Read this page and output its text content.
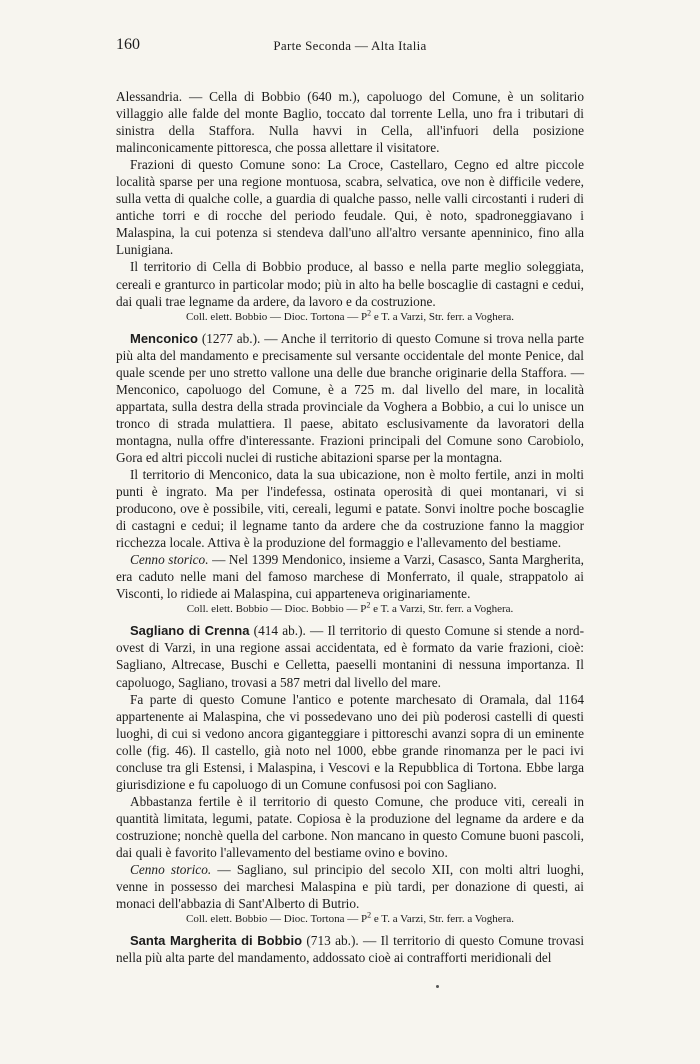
160	Parte Seconda — Alta Italia

Alessandria. — Cella di Bobbio (640 m.), capoluogo del Comune, è un solitario villaggio alle falde del monte Baglio, toccato dal torrente Lella, uno fra i tributari di sinistra della Staffora. Nulla havvi in Cella, all'infuori della posizione malinconicamente pittoresca, che possa allettare il visitatore.

Frazioni di questo Comune sono: La Croce, Castellaro, Cegno ed altre piccole località sparse per una regione montuosa, scabra, selvatica, ove non è difficile vedere, sulla vetta di qualche colle, a guardia di qualche passo, nelle valli circostanti i ruderi di antiche torri e di rocche del periodo feudale. Qui, è noto, spadroneggiavano i Malaspina, la cui potenza si stendeva dall'uno all'altro versante apenninico, fino alla Lunigiana.

Il territorio di Cella di Bobbio produce, al basso e nella parte meglio soleggiata, cereali e granturco in particolar modo; più in alto ha belle boscaglie di castagni e cedui, dai quali trae legname da ardere, da lavoro e da costruzione.

Coll. elett. Bobbio — Dioc. Tortona — $P^2$ e T. a Varzi, Str. ferr. a Voghera.

Menconico (1277 ab.). — Anche il territorio di questo Comune si trova nella parte più alta del mandamento e precisamente sul versante occidentale del monte Penice, dal quale scende per uno stretto vallone una delle due branche originarie della Staffora. — Menconico, capoluogo del Comune, è a 725 m. dal livello del mare, in località appartata, sulla destra della strada provinciale da Voghera a Bobbio, a cui lo unisce un tronco di strada mulattiera. Il paese, abitato esclusivamente da lavoratori della montagna, nulla offre d'interessante. Frazioni principali del Comune sono Carobiolo, Gora ed altri piccoli nuclei di rustiche abitazioni sparse per la montagna.

Il territorio di Menconico, data la sua ubicazione, non è molto fertile, anzi in molti punti è ingrato. Ma per l'indefessa, ostinata operosità di quei montanari, vi si producono, ove è possibile, viti, cereali, legumi e patate. Sonvi inoltre poche boscaglie di castagni e cedui; il legname tanto da ardere che da costruzione fanno la maggior ricchezza locale. Attiva è la produzione del formaggio e l'allevamento del bestiame.

Cenno storico. — Nel 1399 Mendonico, insieme a Varzi, Casasco, Santa Margherita, era caduto nelle mani del famoso marchese di Monferrato, il quale, strappatolo ai Visconti, lo ridiede ai Malaspina, cui apparteneva originariamente.

Coll. elett. Bobbio — Dioc. Bobbio — $P^2$ e T. a Varzi, Str. ferr. a Voghera.

Sagliano di Crenna (414 ab.). — Il territorio di questo Comune si stende a nord-ovest di Varzi, in una regione assai accidentata, ed è formato da varie frazioni, cioè: Sagliano, Altrecase, Buschi e Celletta, paeselli montanini di nessuna importanza. Il capoluogo, Sagliano, trovasi a 587 metri dal livello del mare.

Fa parte di questo Comune l'antico e potente marchesato di Oramala, dal 1164 appartenente ai Malaspina, che vi possedevano uno dei più poderosi castelli di questi luoghi, di cui si vedono ancora giganteggiare i pittoreschi avanzi sopra di un eminente colle (fig. 46). Il castello, già noto nel 1000, ebbe grande rinomanza per le paci ivi concluse tra gli Estensi, i Malaspina, i Vescovi e la Repubblica di Tortona. Ebbe larga giurisdizione e fu capoluogo di un Comune confusosi poi con Sagliano.

Abbastanza fertile è il territorio di questo Comune, che produce viti, cereali in quantità limitata, legumi, patate. Copiosa è la produzione del legname da ardere e da costruzione; nonchè quella del carbone. Non mancano in questo Comune buoni pascoli, dai quali è favorito l'allevamento del bestiame ovino e bovino.

Cenno storico. — Sagliano, sul principio del secolo XII, con molti altri luoghi, venne in possesso dei marchesi Malaspina e più tardi, per donazione di questi, ai monaci dell'abbazia di Sant'Alberto di Butrio.

Coll. elett. Bobbio — Dioc. Tortona — $P^2$ e T. a Varzi, Str. ferr. a Voghera.

Santa Margherita di Bobbio (713 ab.). — Il territorio di questo Comune trovasi nella più alta parte del mandamento, addossato cioè ai contrafforti meridionali del
